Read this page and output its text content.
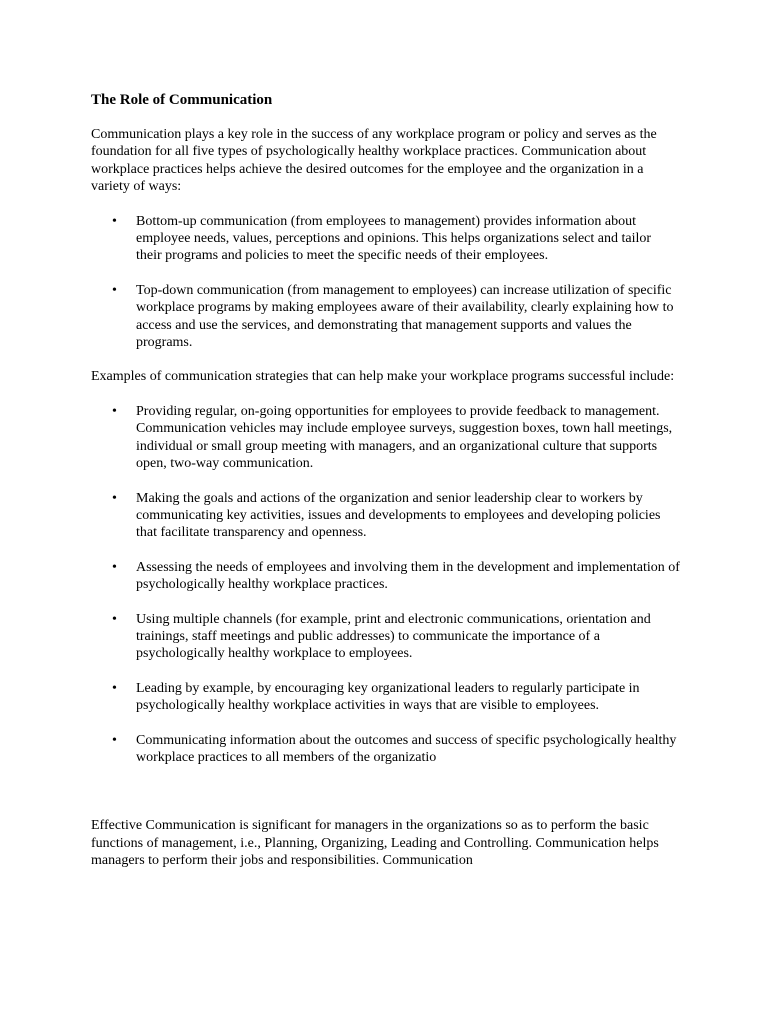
The Role of Communication

Communication plays a key role in the success of any workplace program or policy and serves as the foundation for all five types of psychologically healthy workplace practices. Communication about workplace practices helps achieve the desired outcomes for the employee and the organization in a variety of ways:

• Bottom-up communication (from employees to management) provides information about employee needs, values, perceptions and opinions. This helps organizations select and tailor their programs and policies to meet the specific needs of their employees.
• Top-down communication (from management to employees) can increase utilization of specific workplace programs by making employees aware of their availability, clearly explaining how to access and use the services, and demonstrating that management supports and values the programs.

Examples of communication strategies that can help make your workplace programs successful include:

• Providing regular, on-going opportunities for employees to provide feedback to management. Communication vehicles may include employee surveys, suggestion boxes, town hall meetings, individual or small group meeting with managers, and an organizational culture that supports open, two-way communication.
• Making the goals and actions of the organization and senior leadership clear to workers by communicating key activities, issues and developments to employees and developing policies that facilitate transparency and openness.
• Assessing the needs of employees and involving them in the development and implementation of psychologically healthy workplace practices.
• Using multiple channels (for example, print and electronic communications, orientation and trainings, staff meetings and public addresses) to communicate the importance of a psychologically healthy workplace to employees.
• Leading by example, by encouraging key organizational leaders to regularly participate in psychologically healthy workplace activities in ways that are visible to employees.
• Communicating information about the outcomes and success of specific psychologically healthy workplace practices to all members of the organizatio

Effective Communication is significant for managers in the organizations so as to perform the basic functions of management, i.e., Planning, Organizing, Leading and Controlling. Communication helps managers to perform their jobs and responsibilities. Communication
